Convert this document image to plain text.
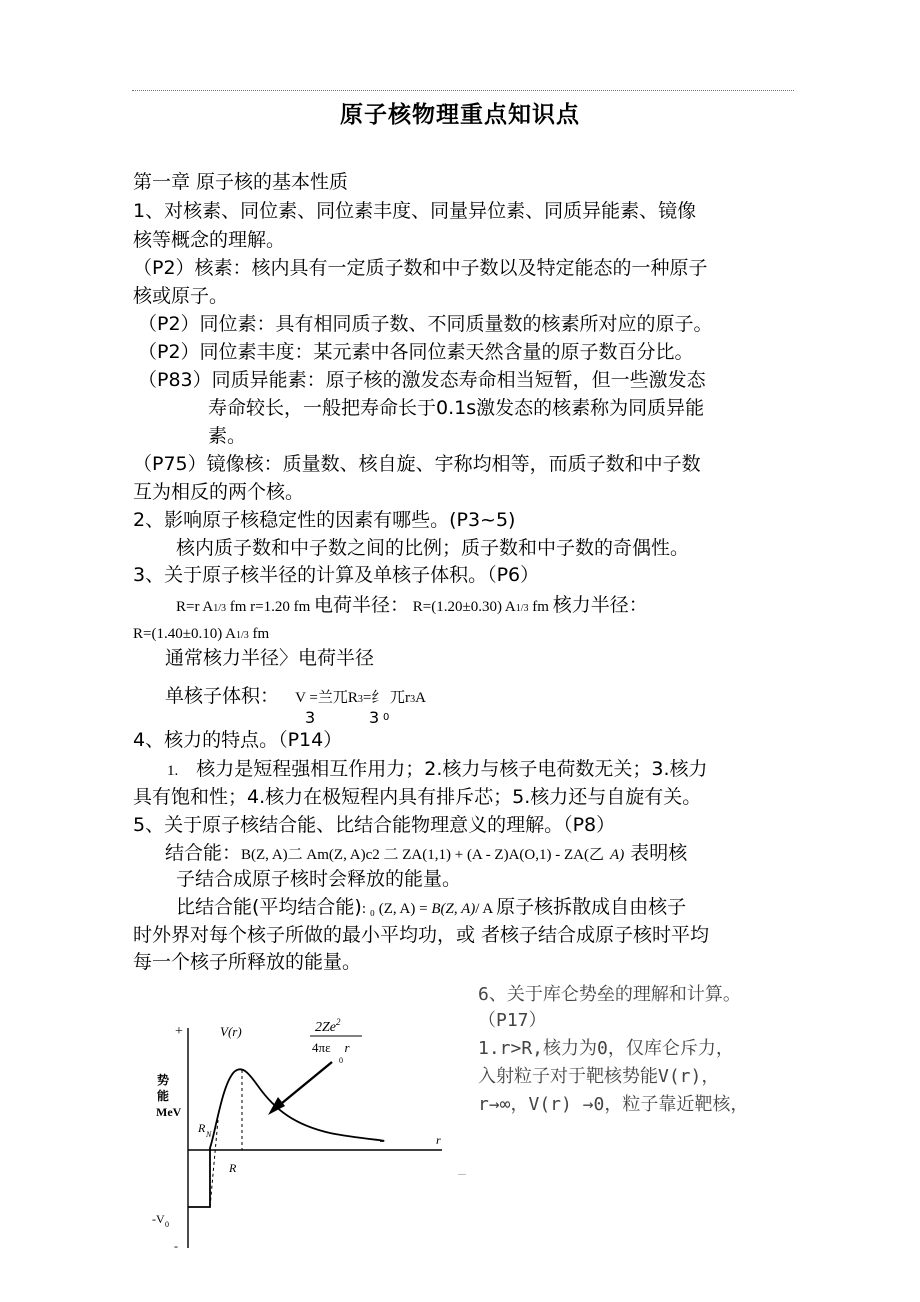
原子核物理重点知识点
第一章 原子核的基本性质
1、对核素、同位素、同位素丰度、同量异位素、同质异能素、镜像
核等概念的理解。
（P2）核素：核内具有一定质子数和中子数以及特定能态的一种原子
核或原子。
（P2）同位素：具有相同质子数、不同质量数的核素所对应的原子。
（P2）同位素丰度：某元素中各同位素天然含量的原子数百分比。
（P83）同质异能素：原子核的激发态寿命相当短暂，但一些激发态
寿命较长，一般把寿命长于0.1s激发态的核素称为同质异能
素。
（P75）镜像核：质量数、核自旋、宇称均相等，而质子数和中子数
互为相反的两个核。
2、影响原子核稳定性的因素有哪些。(P3~5)
核内质子数和中子数之间的比例；质子数和中子数的奇偶性。
3、关于原子核半径的计算及单核子体积。（P6）
R=r A1/3 fm r=1.20 fm 电荷半径： R=(1.20±0.30) A1/3 fm 核力半径：
R=(1.40±0.10) A1/3 fm
通常核力半径〉电荷半径
单核子体积： V =兰兀R3=纟 兀r3A
3	3 0
4、核力的特点。（P14）
1. 核力是短程强相互作用力；2.核力与核子电荷数无关；3.核力
具有饱和性；4.核力在极短程内具有排斥芯；5.核力还与自旋有关。
5、关于原子核结合能、比结合能物理意义的理解。（P8）
结合能：B(Z, A)二 Am(Z, A)c2 二 ZA(1,1) + (A - Z)A(O,1) - ZA(乙 A) 表明核
子结合成原子核时会释放的能量。
比结合能(平均结合能): ₀ (Z, A) = B(Z, A)/ A 原子核拆散成自由核子
时外界对每个核子所做的最小平均功，或 者核子结合成原子核时平均
每一个核子所释放的能量。
6、关于库仑势垒的理解和计算。
（P17）
1.r>R,核力为0，仅库仑斥力，
入射粒子对于靶核势能V(r)，
r→∞，V(r) →0，粒子靠近靶核，
+	V(r)	2Ze$^2$
4πε r
0
势
能
MeV
r
R N
R
-V 0
-
__
